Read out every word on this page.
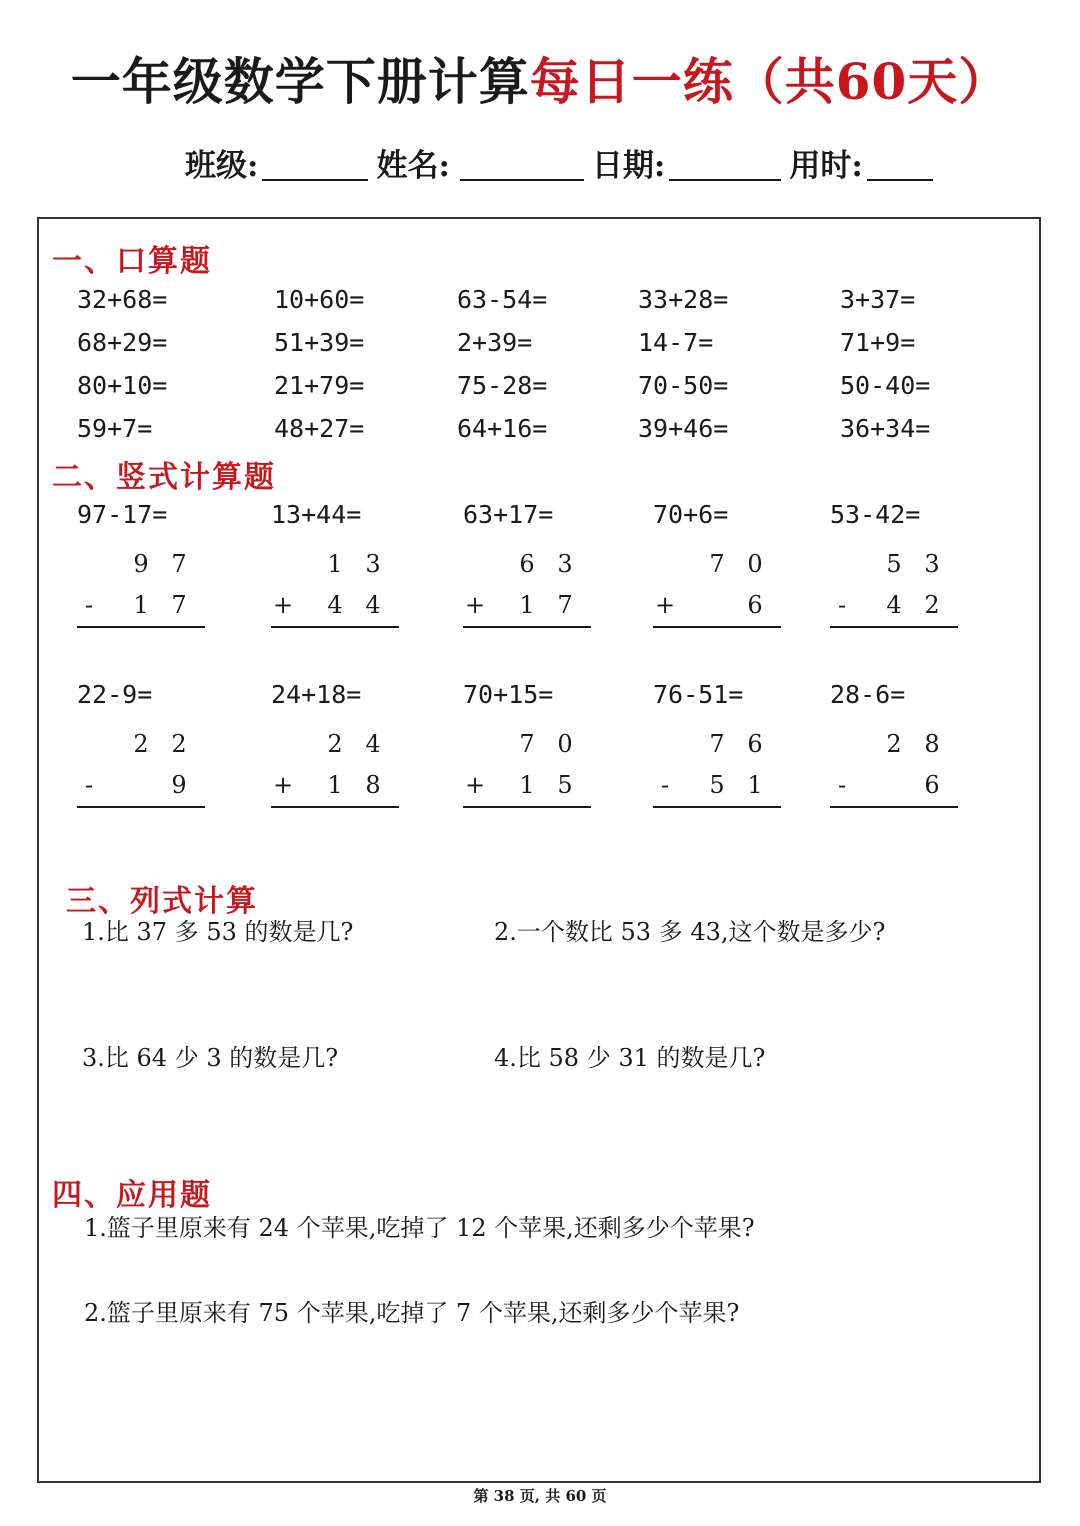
一年级数学下册计算每日一练（共60天）
班级:	姓名:	日期:	用时:
一、口算题
32+68=	10+60=	63-54=	33+28=	3+37=
68+29=	51+39=	2+39=	14-7=	71+9=
80+10=	21+79=	75-28=	70-50=	50-40=
59+7=	48+27=	64+16=	39+46=	36+34=
二、竖式计算题
97-17=
9 7
-	1 7
13+44=
1 3
+ 4 4
63+17=
6 3
+ 1 7
70+6=
7 0
+	6
53-42=
5 3
-	4 2
22-9=
2 2
-	9
24+18=
2 4
+ 1 8
70+15=
7 0
+ 1 5
76-51=
7 6
-	5 1
28-6=
2 8
-	6
三、列式计算
1.比 37 多 53 的数是几?	2.一个数比 53 多 43,这个数是多少?
3.比 64 少 3 的数是几?	4.比 58 少 31 的数是几?
四、应用题
1.篮子里原来有 24 个苹果,吃掉了 12 个苹果,还剩多少个苹果?
2.篮子里原来有 75 个苹果,吃掉了 7 个苹果,还剩多少个苹果?
第 38 页, 共 60 页
